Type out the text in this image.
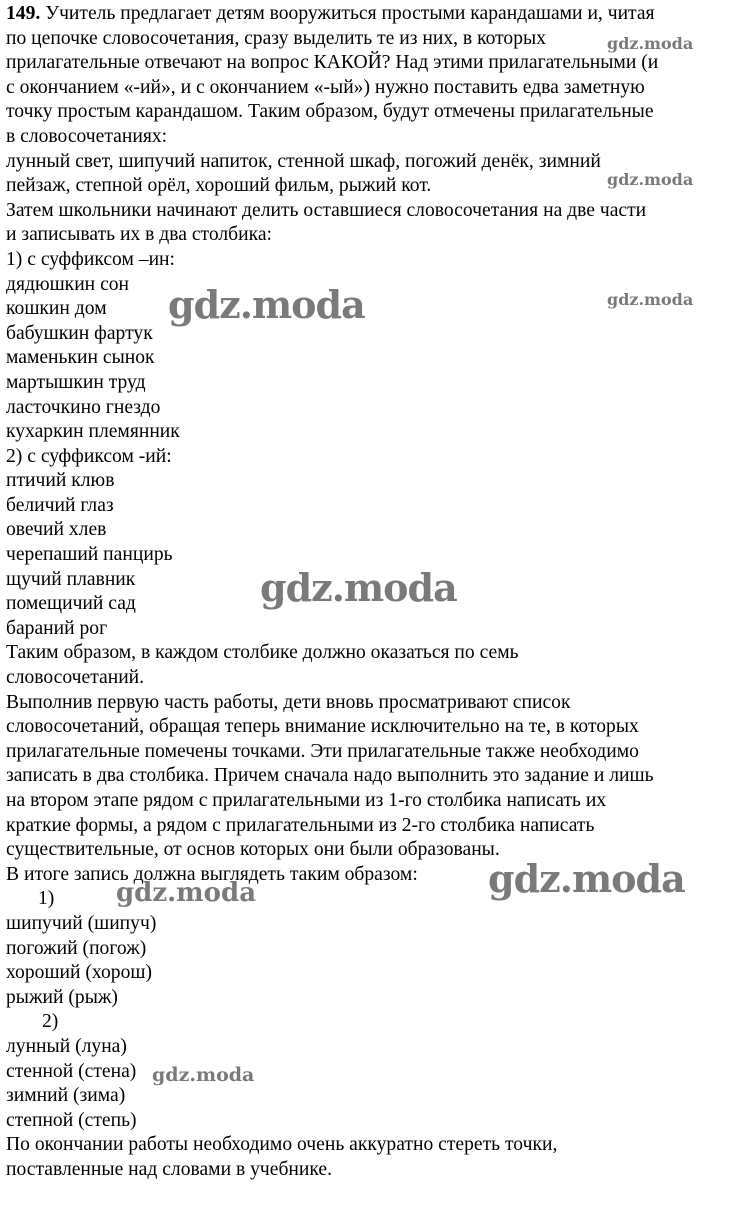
149. Учитель предлагает детям вооружиться простыми карандашами и, читая
по цепочке словосочетания, сразу выделить те из них, в которых
прилагательные отвечают на вопрос КАКОЙ? Над этими прилагательными (и
с окончанием «-ий», и с окончанием «-ый») нужно поставить едва заметную
точку простым карандашом. Таким образом, будут отмечены прилагательные
в словосочетаниях:
лунный свет, шипучий напиток, стенной шкаф, погожий денёк, зимний
пейзаж, степной орёл, хороший фильм, рыжий кот.
Затем школьники начинают делить оставшиеся словосочетания на две части
и записывать их в два столбика:
1) с суффиксом –ин:
дядюшкин сон
кошкин дом
бабушкин фартук
маменькин сынок
мартышкин труд
ласточкино гнездо
кухаркин племянник
2) с суффиксом -ий:
птичий клюв
беличий глаз
овечий хлев
черепаший панцирь
щучий плавник
помещичий сад
бараний рог
Таким образом, в каждом столбике должно оказаться по семь
словосочетаний.
Выполнив первую часть работы, дети вновь просматривают список
словосочетаний, обращая теперь внимание исключительно на те, в которых
прилагательные помечены точками. Эти прилагательные также необходимо
записать в два столбика. Причем сначала надо выполнить это задание и лишь
на втором этапе рядом с прилагательными из 1-го столбика написать их
краткие формы, а рядом с прилагательными из 2-го столбика написать
существительные, от основ которых они были образованы.
В итоге запись должна выглядеть таким образом:
1)
шипучий (шипуч)
погожий (погож)
хороший (хорош)
рыжий (рыж)
2)
лунный (луна)
стенной (стена)
зимний (зима)
степной (степь)
По окончании работы необходимо очень аккуратно стереть точки,
поставленные над словами в учебнике.
gdz.moda
gdz.moda
gdz.moda
gdz.moda
gdz.moda
gdz.moda
gdz.moda
gdz.moda
